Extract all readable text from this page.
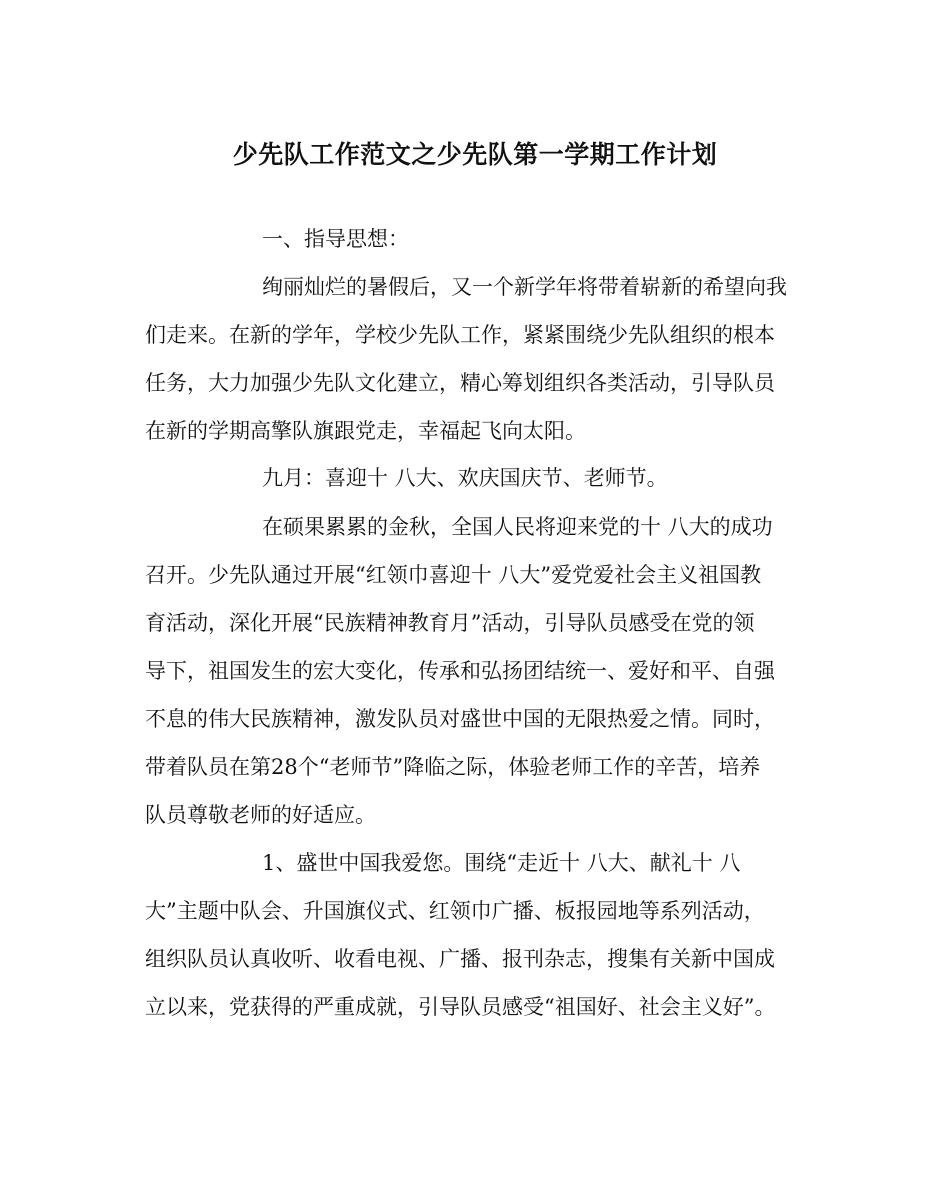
少先队工作范文之少先队第一学期工作计划

一、指导思想：

绚丽灿烂的暑假后，又一个新学年将带着崭新的希望向我

们走来。在新的学年，学校少先队工作，紧紧围绕少先队组织的根本

任务，大力加强少先队文化建立，精心筹划组织各类活动，引导队员

在新的学期高擎队旗跟党走，幸福起飞向太阳。

九月：喜迎十 八大、欢庆国庆节、老师节。

在硕果累累的金秋，全国人民将迎来党的十 八大的成功

召开。少先队通过开展“红领巾喜迎十 八大”爱党爱社会主义祖国教

育活动，深化开展“民族精神教育月”活动，引导队员感受在党的领

导下，祖国发生的宏大变化，传承和弘扬团结统一、爱好和平、自强

不息的伟大民族精神，激发队员对盛世中国的无限热爱之情。同时，

带着队员在第28个“老师节”降临之际，体验老师工作的辛苦，培养

队员尊敬老师的好适应。

1、盛世中国我爱您。围绕“走近十 八大、献礼十 八

大”主题中队会、升国旗仪式、红领巾广播、板报园地等系列活动，

组织队员认真收听、收看电视、广播、报刊杂志，搜集有关新中国成

立以来，党获得的严重成就，引导队员感受“祖国好、社会主义好”。
